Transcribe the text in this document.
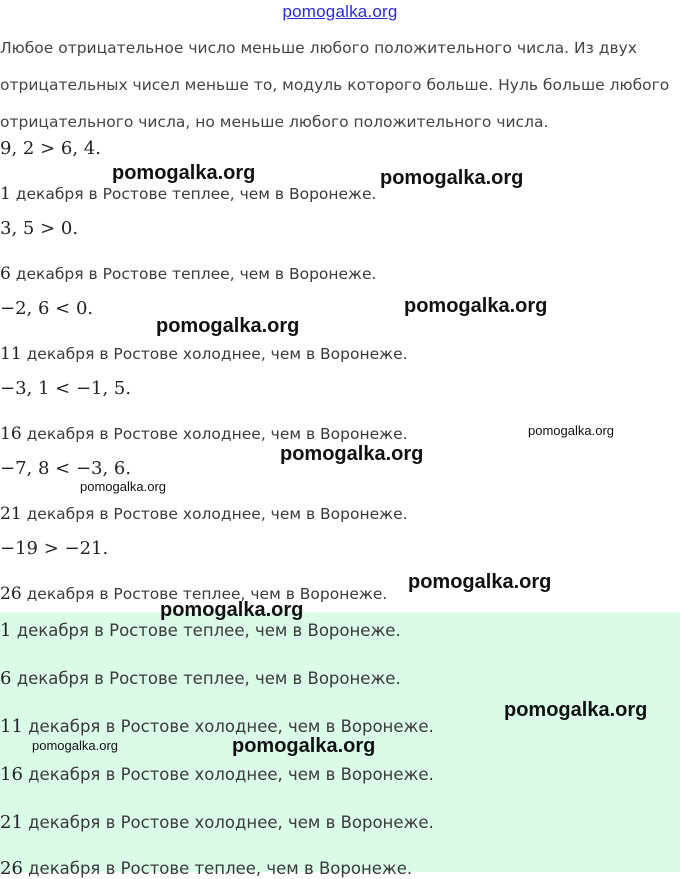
pomogalka.org
Любое отрицательное число меньше любого положительного числа. Из двух отрицательных чисел меньше то, модуль которого больше. Нуль больше любого отрицательного числа, но меньше любого положительного числа.
9, 2 > 6, 4.
1 декабря в Ростове теплее, чем в Воронеже.
3, 5 > 0.
6 декабря в Ростове теплее, чем в Воронеже.
−2, 6 < 0.
11 декабря в Ростове холоднее, чем в Воронеже.
−3, 1 < −1, 5.
16 декабря в Ростове холоднее, чем в Воронеже.
−7, 8 < −3, 6.
21 декабря в Ростове холоднее, чем в Воронеже.
−19 > −21.
26 декабря в Ростове теплее, чем в Воронеже.
1 декабря в Ростове теплее, чем в Воронеже.
6 декабря в Ростове теплее, чем в Воронеже.
11 декабря в Ростове холоднее, чем в Воронеже.
16 декабря в Ростове холоднее, чем в Воронеже.
21 декабря в Ростове холоднее, чем в Воронеже.
26 декабря в Ростове теплее, чем в Воронеже.
pomogalka.org	pomogalka.org
pomogalka.org
pomogalka.org
pomogalka.org
pomogalka.org
pomogalka.org
pomogalka.org
pomogalka.org
pomogalka.org
pomogalka.org	pomogalka.org
